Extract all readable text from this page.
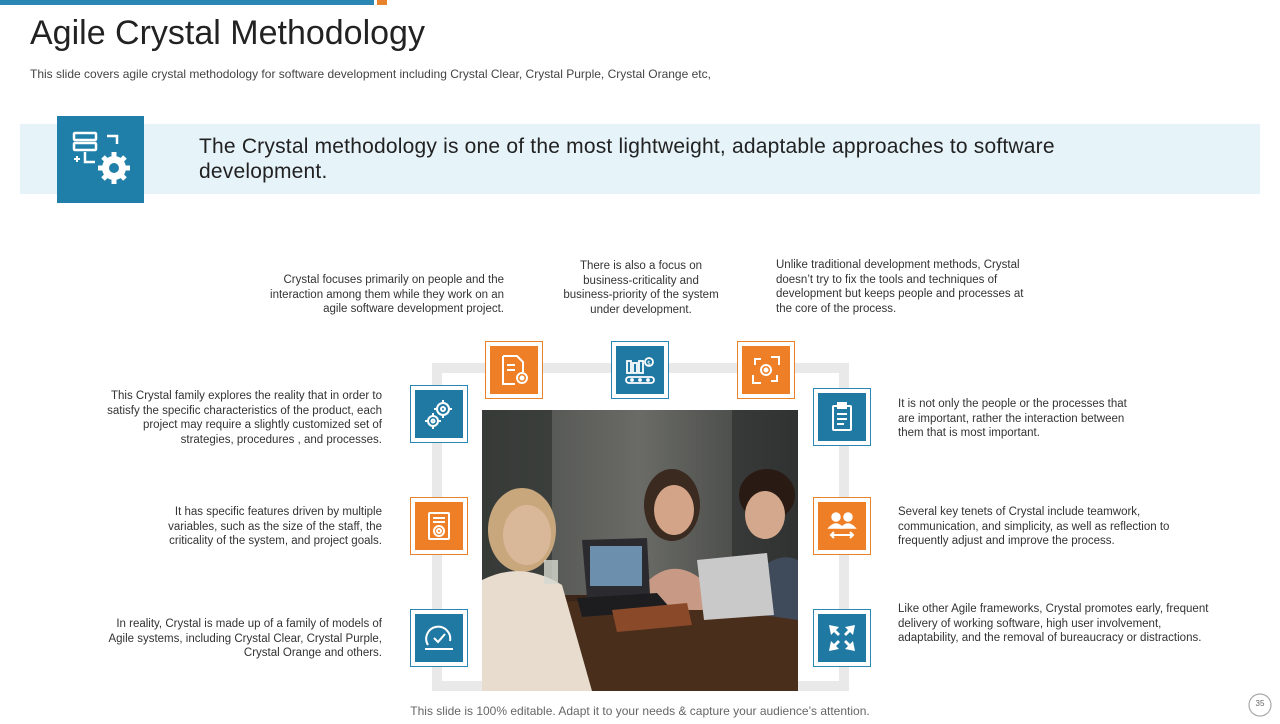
Agile Crystal Methodology
This slide covers agile crystal methodology for software development including Crystal Clear, Crystal Purple, Crystal Orange etc,
The Crystal methodology is one of the most lightweight, adaptable approaches to software development.
$
Crystal focuses primarily on people and the interaction among them while they work on an agile software development project.
There is also a focus on business-criticality and business-priority of the system under development.
Unlike traditional development methods, Crystal doesn’t try to fix the tools and techniques of development but keeps people and processes at the core of the process.
This Crystal family explores the reality that in order to satisfy the specific characteristics of the product, each project may require a slightly customized set of strategies, procedures , and processes.
It has specific features driven by multiple variables, such as the size of the staff, the criticality of the system, and project goals.
In reality, Crystal is made up of a family of models of Agile systems, including Crystal Clear, Crystal Purple, Crystal Orange and others.
It is not only the people or the processes that are important, rather the interaction between them that is most important.
Several key tenets of Crystal include teamwork, communication, and simplicity, as well as reflection to frequently adjust and improve the process.
Like other Agile frameworks, Crystal promotes early, frequent delivery of working software, high user involvement, adaptability, and the removal of bureaucracy or distractions.
This slide is 100% editable. Adapt it to your needs & capture your audience’s attention.
35
